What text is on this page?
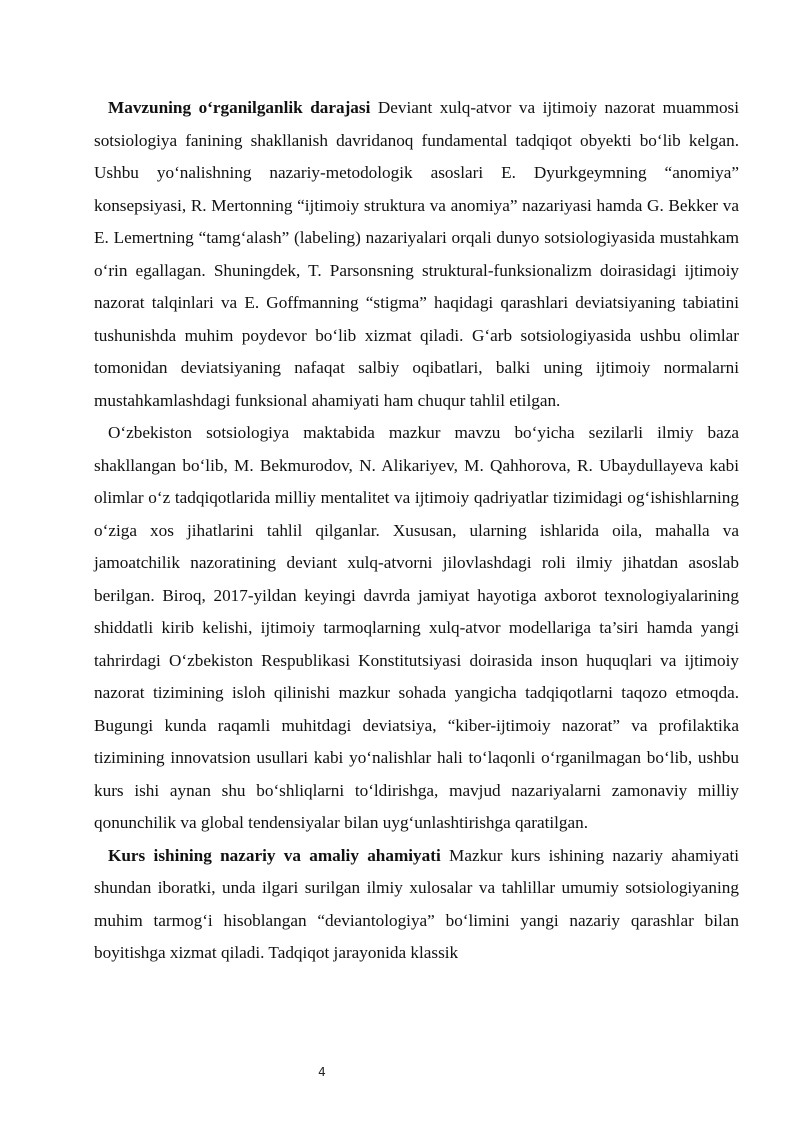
Mavzuning o‘rganilganlik darajasi Deviant xulq-atvor va ijtimoiy nazorat muammosi sotsiologiya fanining shakllanish davridanoq fundamental tadqiqot obyekti bo‘lib kelgan. Ushbu yo‘nalishning nazariy-metodologik asoslari E. Dyurkgeymning “anomiya” konsepsiyasi, R. Mertonning “ijtimoiy struktura va anomiya” nazariyasi hamda G. Bekker va E. Lemertning “tamg‘alash” (labeling) nazariyalari orqali dunyo sotsiologiyasida mustahkam o‘rin egallagan. Shuningdek, T. Parsonsning struktural-funksionalizm doirasidagi ijtimoiy nazorat talqinlari va E. Goffmanning “stigma” haqidagi qarashlari deviatsiyaning tabiatini tushunishda muhim poydevor bo‘lib xizmat qiladi. G‘arb sotsiologiyasida ushbu olimlar tomonidan deviatsiyaning nafaqat salbiy oqibatlari, balki uning ijtimoiy normalarni mustahkamlashdagi funksional ahamiyati ham chuqur tahlil etilgan.

O‘zbekiston sotsiologiya maktabida mazkur mavzu bo‘yicha sezilarli ilmiy baza shakllangan bo‘lib, M. Bekmurodov, N. Alikariyev, M. Qahhorova, R. Ubaydullayeva kabi olimlar o‘z tadqiqotlarida milliy mentalitet va ijtimoiy qadriyatlar tizimidagi og‘ishishlarning o‘ziga xos jihatlarini tahlil qilganlar. Xususan, ularning ishlarida oila, mahalla va jamoatchilik nazoratining deviant xulq-atvorni jilovlashdagi roli ilmiy jihatdan asoslab berilgan. Biroq, 2017-yildan keyingi davrda jamiyat hayotiga axborot texnologiyalarining shiddatli kirib kelishi, ijtimoiy tarmoqlarning xulq-atvor modellariga ta’siri hamda yangi tahrirdagi O‘zbekiston Respublikasi Konstitutsiyasi doirasida inson huquqlari va ijtimoiy nazorat tizimining isloh qilinishi mazkur sohada yangicha tadqiqotlarni taqozo etmoqda. Bugungi kunda raqamli muhitdagi deviatsiya, “kiber-ijtimoiy nazorat” va profilaktika tizimining innovatsion usullari kabi yo‘nalishlar hali to‘laqonli o‘rganilmagan bo‘lib, ushbu kurs ishi aynan shu bo‘shliqlarni to‘ldirishga, mavjud nazariyalarni zamonaviy milliy qonunchilik va global tendensiyalar bilan uyg‘unlashtirishga qaratilgan.

Kurs ishining nazariy va amaliy ahamiyati Mazkur kurs ishining nazariy ahamiyati shundan iboratki, unda ilgari surilgan ilmiy xulosalar va tahlillar umumiy sotsiologiyaning muhim tarmog‘i hisoblangan “deviantologiya” bo‘limini yangi nazariy qarashlar bilan boyitishga xizmat qiladi. Tadqiqot jarayonida klassik

4
